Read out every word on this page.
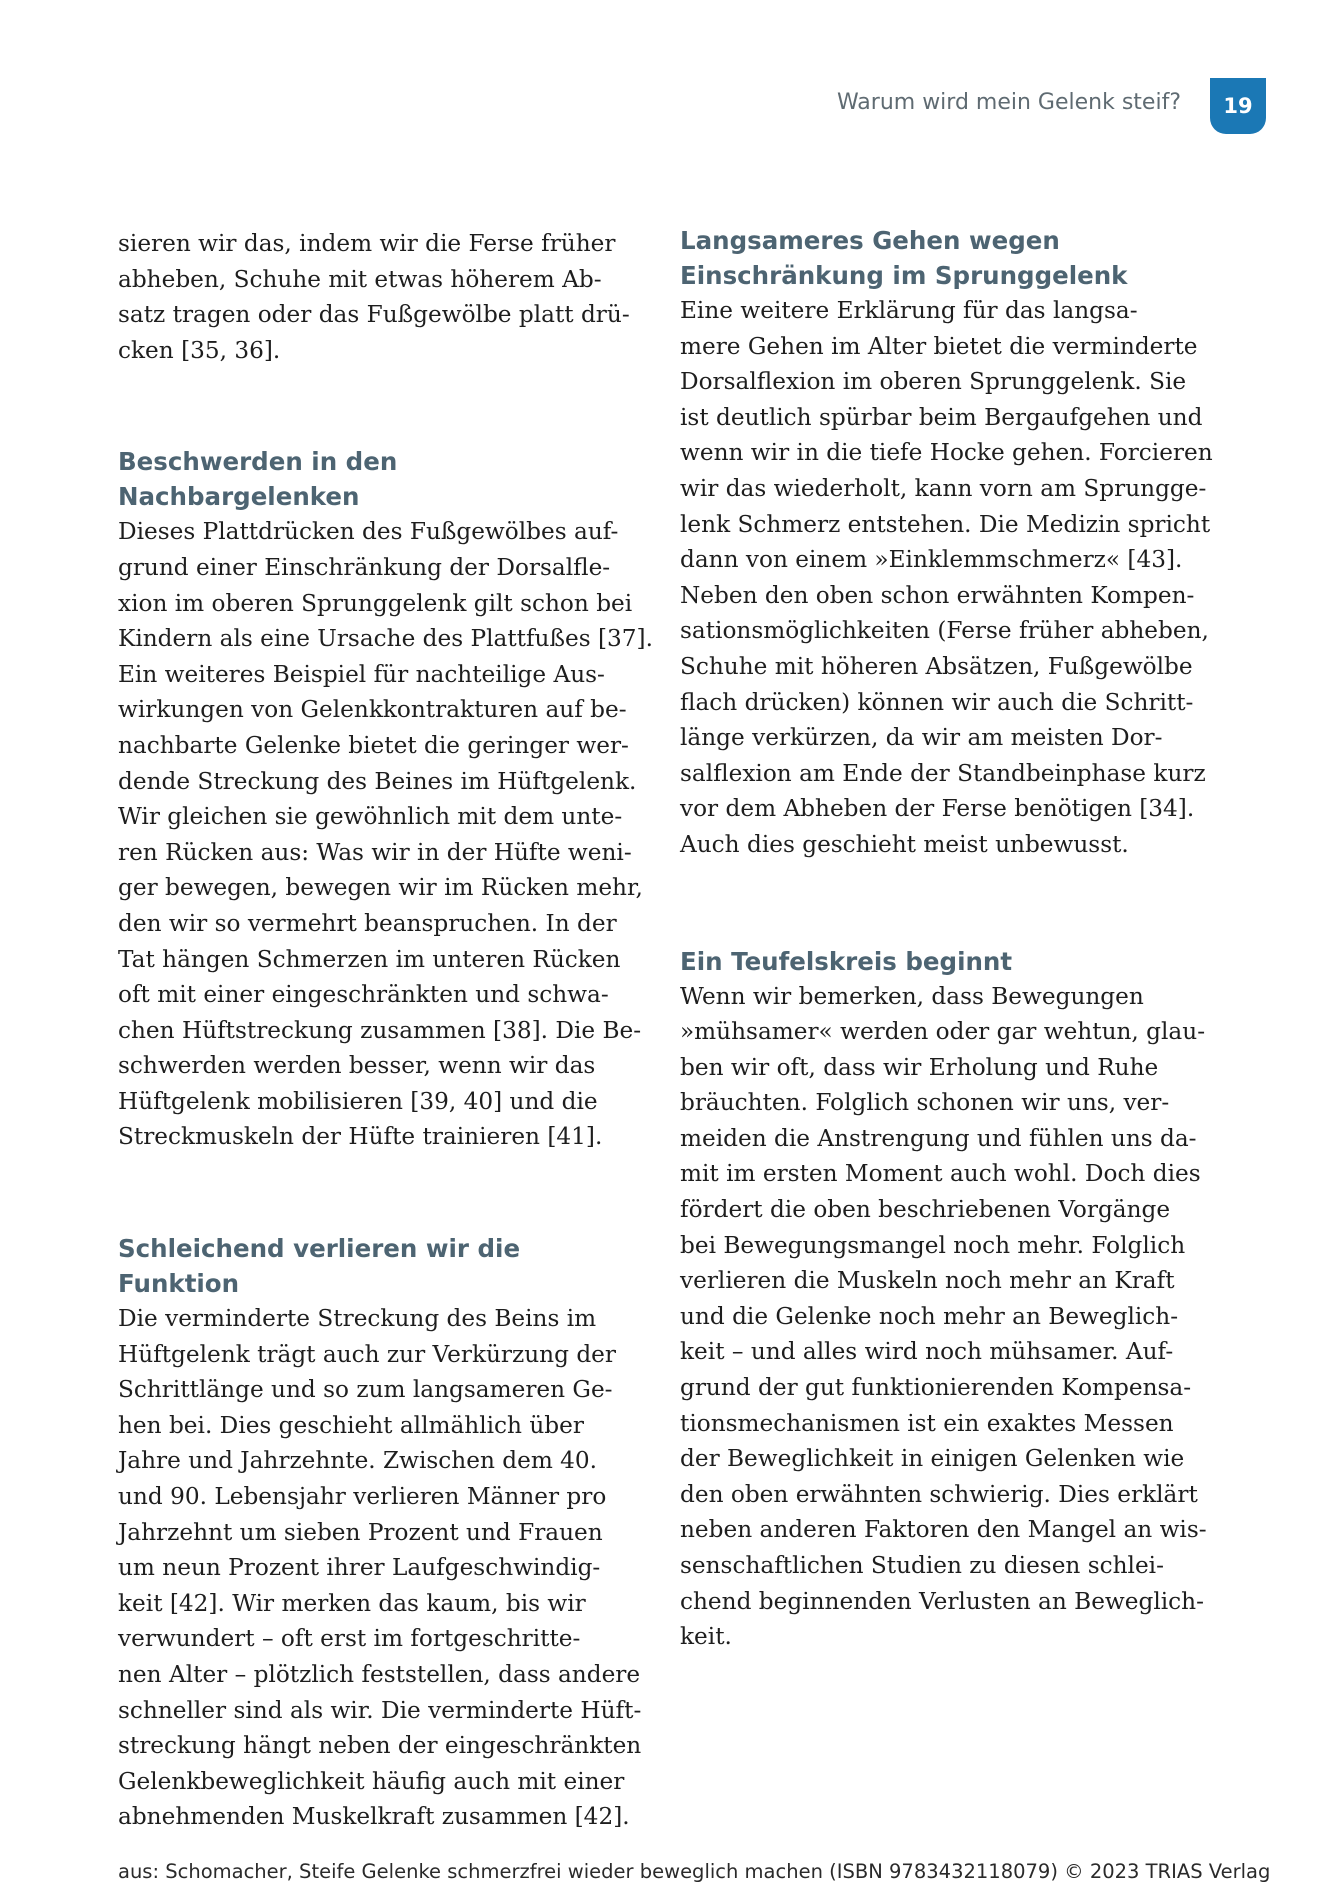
Warum wird mein Gelenk steif?	19

sieren wir das, indem wir die Ferse früher
abheben, Schuhe mit etwas höherem Ab-
satz tragen oder das Fußgewölbe platt drü-
cken [35, 36].

Beschwerden in den Nachbargelenken

Dieses Plattdrücken des Fußgewölbes auf-
grund einer Einschränkung der Dorsalfle-
xion im oberen Sprunggelenk gilt schon bei
Kindern als eine Ursache des Plattfußes [37].
Ein weiteres Beispiel für nachteilige Aus-
wirkungen von Gelenkkontrakturen auf be-
nachbarte Gelenke bietet die geringer wer-
dende Streckung des Beines im Hüftgelenk.
Wir gleichen sie gewöhnlich mit dem unte-
ren Rücken aus: Was wir in der Hüfte weni-
ger bewegen, bewegen wir im Rücken mehr,
den wir so vermehrt beanspruchen. In der
Tat hängen Schmerzen im unteren Rücken
oft mit einer eingeschränkten und schwa-
chen Hüftstreckung zusammen [38]. Die Be-
schwerden werden besser, wenn wir das
Hüftgelenk mobilisieren [39, 40] und die
Streckmuskeln der Hüfte trainieren [41].

Schleichend verlieren wir die Funktion

Die verminderte Streckung des Beins im
Hüftgelenk trägt auch zur Verkürzung der
Schrittlänge und so zum langsameren Ge-
hen bei. Dies geschieht allmählich über
Jahre und Jahrzehnte. Zwischen dem 40.
und 90. Lebensjahr verlieren Männer pro
Jahrzehnt um sieben Prozent und Frauen
um neun Prozent ihrer Laufgeschwindig-
keit [42]. Wir merken das kaum, bis wir
verwundert – oft erst im fortgeschritte-
nen Alter – plötzlich feststellen, dass andere
schneller sind als wir. Die verminderte Hüft-
streckung hängt neben der eingeschränkten
Gelenkbeweglichkeit häufig auch mit einer
abnehmenden Muskelkraft zusammen [42].

Langsameres Gehen wegen
Einschränkung im Sprunggelenk

Eine weitere Erklärung für das langsa-
mere Gehen im Alter bietet die verminderte
Dorsalflexion im oberen Sprunggelenk. Sie
ist deutlich spürbar beim Bergaufgehen und
wenn wir in die tiefe Hocke gehen. Forcieren
wir das wiederholt, kann vorn am Sprungge-
lenk Schmerz entstehen. Die Medizin spricht
dann von einem »Einklemmschmerz« [43].
Neben den oben schon erwähnten Kompen-
sationsmöglichkeiten (Ferse früher abheben,
Schuhe mit höheren Absätzen, Fußgewölbe
flach drücken) können wir auch die Schritt-
länge verkürzen, da wir am meisten Dor-
salflexion am Ende der Standbeinphase kurz
vor dem Abheben der Ferse benötigen [34].
Auch dies geschieht meist unbewusst.

Ein Teufelskreis beginnt

Wenn wir bemerken, dass Bewegungen
»mühsamer« werden oder gar wehtun, glau-
ben wir oft, dass wir Erholung und Ruhe
bräuchten. Folglich schonen wir uns, ver-
meiden die Anstrengung und fühlen uns da-
mit im ersten Moment auch wohl. Doch dies
fördert die oben beschriebenen Vorgänge
bei Bewegungsmangel noch mehr. Folglich
verlieren die Muskeln noch mehr an Kraft
und die Gelenke noch mehr an Beweglich-
keit – und alles wird noch mühsamer. Auf-
grund der gut funktionierenden Kompensa-
tionsmechanismen ist ein exaktes Messen
der Beweglichkeit in einigen Gelenken wie
den oben erwähnten schwierig. Dies erklärt
neben anderen Faktoren den Mangel an wis-
senschaftlichen Studien zu diesen schlei-
chend beginnenden Verlusten an Beweglich-
keit.

aus: Schomacher, Steife Gelenke schmerzfrei wieder beweglich machen (ISBN 9783432118079) © 2023 TRIAS Verlag
